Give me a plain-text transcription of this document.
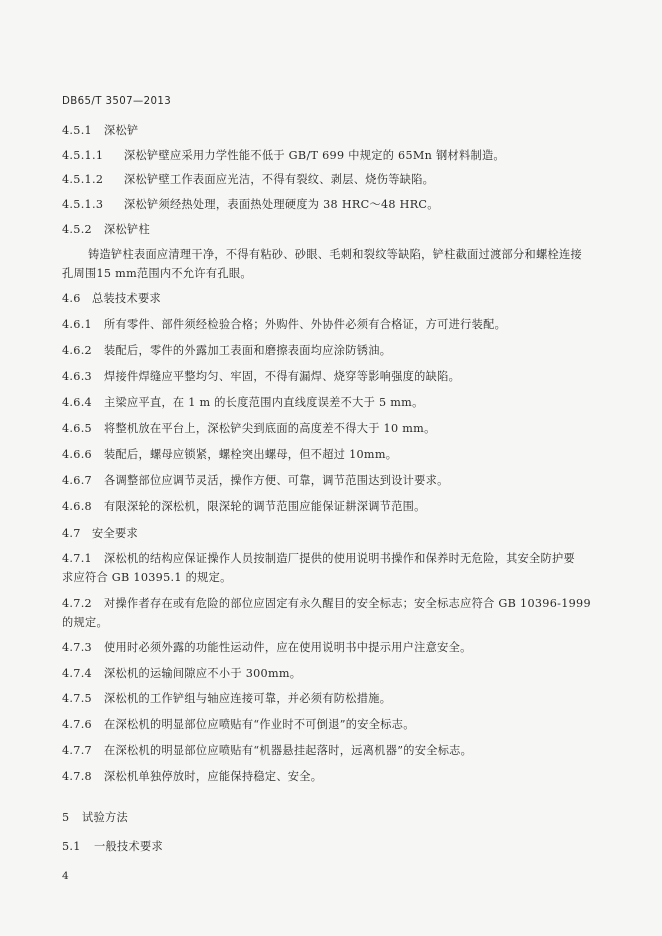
DB65/T 3507—2013
4.5.1 深松铲
4.5.1.1 深松铲壁应采用力学性能不低于 GB/T 699 中规定的 65Mn 钢材料制造。
4.5.1.2 深松铲壁工作表面应光洁，不得有裂纹、剥层、烧伤等缺陷。
4.5.1.3 深松铲须经热处理，表面热处理硬度为 38 HRC～48 HRC。
4.5.2 深松铲柱
铸造铲柱表面应清理干净，不得有粘砂、砂眼、毛刺和裂纹等缺陷，铲柱截面过渡部分和螺栓连接
孔周围15 mm范围内不允许有孔眼。
4.6 总装技术要求
4.6.1 所有零件、部件须经检验合格；外购件、外协件必须有合格证，方可进行装配。
4.6.2 装配后，零件的外露加工表面和磨擦表面均应涂防锈油。
4.6.3 焊接件焊缝应平整均匀、牢固，不得有漏焊、烧穿等影响强度的缺陷。
4.6.4 主梁应平直，在 1 m 的长度范围内直线度误差不大于 5 mm。
4.6.5 将整机放在平台上，深松铲尖到底面的高度差不得大于 10 mm。
4.6.6 装配后，螺母应锁紧，螺栓突出螺母，但不超过 10mm。
4.6.7 各调整部位应调节灵活，操作方便、可靠，调节范围达到设计要求。
4.6.8 有限深轮的深松机，限深轮的调节范围应能保证耕深调节范围。
4.7 安全要求
4.7.1 深松机的结构应保证操作人员按制造厂提供的使用说明书操作和保养时无危险，其安全防护要
求应符合 GB 10395.1 的规定。
4.7.2 对操作者存在或有危险的部位应固定有永久醒目的安全标志；安全标志应符合 GB 10396-1999
的规定。
4.7.3 使用时必须外露的功能性运动件，应在使用说明书中提示用户注意安全。
4.7.4 深松机的运输间隙应不小于 300mm。
4.7.5 深松机的工作铲组与轴应连接可靠，并必须有防松措施。
4.7.6 在深松机的明显部位应喷贴有“作业时不可倒退”的安全标志。
4.7.7 在深松机的明显部位应喷贴有“机器悬挂起落时，远离机器”的安全标志。
4.7.8 深松机单独停放时，应能保持稳定、安全。
5 试验方法
5.1 一般技术要求
4
